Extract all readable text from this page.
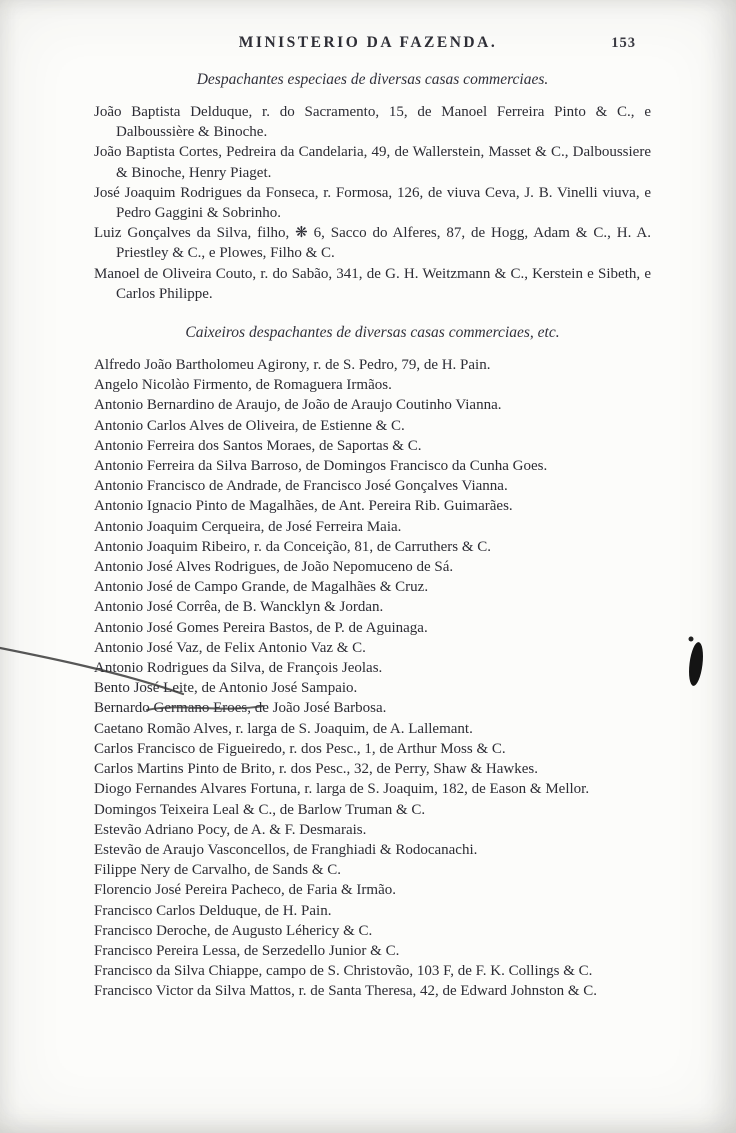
MINISTERIO DA FAZENDA.	153
Despachantes especiaes de diversas casas commerciaes.

João Baptista Delduque, r. do Sacramento, 15, de Manoel Ferreira Pinto & C., e Dalboussière & Binoche.

João Baptista Cortes, Pedreira da Candelaria, 49, de Wallerstein, Masset & C., Dalboussiere & Binoche, Henry Piaget.

José Joaquim Rodrigues da Fonseca, r. Formosa, 126, de viuva Ceva, J. B. Vinelli viuva, e Pedro Gaggini & Sobrinho.

Luiz Gonçalves da Silva, filho, ❋ 6, Sacco do Alferes, 87, de Hogg, Adam & C., H. A. Priestley & C., e Plowes, Filho & C.

Manoel de Oliveira Couto, r. do Sabão, 341, de G. H. Weitzmann & C., Kerstein e Sibeth, e Carlos Philippe.

Caixeiros despachantes de diversas casas commerciaes, etc.

Alfredo João Bartholomeu Agirony, r. de S. Pedro, 79, de H. Pain.

Angelo Nicolào Firmento, de Romaguera Irmãos.

Antonio Bernardino de Araujo, de João de Araujo Coutinho Vianna.

Antonio Carlos Alves de Oliveira, de Estienne & C.

Antonio Ferreira dos Santos Moraes, de Saportas & C.

Antonio Ferreira da Silva Barroso, de Domingos Francisco da Cunha Goes.

Antonio Francisco de Andrade, de Francisco José Gonçalves Vianna.

Antonio Ignacio Pinto de Magalhães, de Ant. Pereira Rib. Guimarães.

Antonio Joaquim Cerqueira, de José Ferreira Maia.

Antonio Joaquim Ribeiro, r. da Conceição, 81, de Carruthers & C.

Antonio José Alves Rodrigues, de João Nepomuceno de Sá.

Antonio José de Campo Grande, de Magalhães & Cruz.

Antonio José Corrêa, de B. Wancklyn & Jordan.

Antonio José Gomes Pereira Bastos, de P. de Aguinaga.

Antonio José Vaz, de Felix Antonio Vaz & C.

Antonio Rodrigues da Silva, de François Jeolas.

Bento José Leite, de Antonio José Sampaio.

Bernardo Germano Eroes, de João José Barbosa.

Caetano Romão Alves, r. larga de S. Joaquim, de A. Lallemant.

Carlos Francisco de Figueiredo, r. dos Pesc., 1, de Arthur Moss & C.

Carlos Martins Pinto de Brito, r. dos Pesc., 32, de Perry, Shaw & Hawkes.

Diogo Fernandes Alvares Fortuna, r. larga de S. Joaquim, 182, de Eason & Mellor.

Domingos Teixeira Leal & C., de Barlow Truman & C.

Estevão Adriano Pocy, de A. & F. Desmarais.

Estevão de Araujo Vasconcellos, de Franghiadi & Rodocanachi.

Filippe Nery de Carvalho, de Sands & C.

Florencio José Pereira Pacheco, de Faria & Irmão.

Francisco Carlos Delduque, de H. Pain.

Francisco Deroche, de Augusto Léhericy & C.

Francisco Pereira Lessa, de Serzedello Junior & C.

Francisco da Silva Chiappe, campo de S. Christovão, 103 F, de F. K. Collings & C.

Francisco Victor da Silva Mattos, r. de Santa Theresa, 42, de Edward Johnston & C.
